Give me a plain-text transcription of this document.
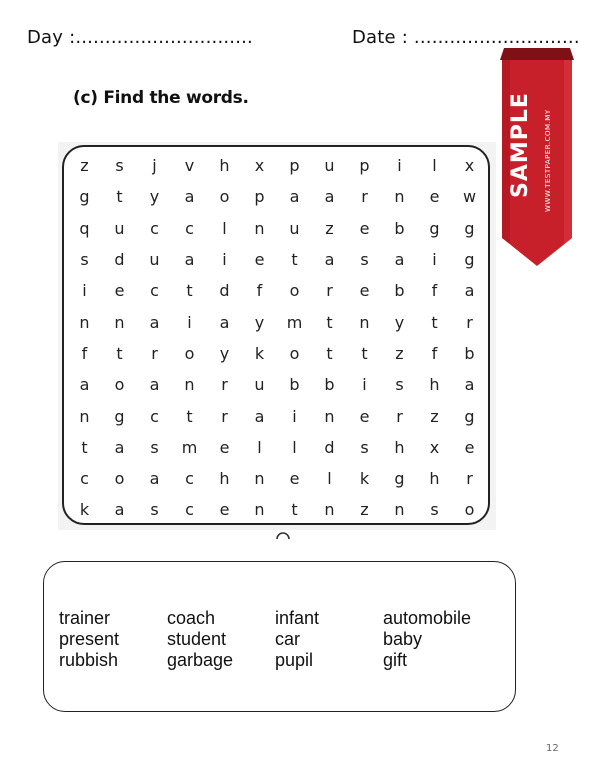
Day :..............................	Date : ............................
(c) Find the words.
z	s	j	v	h	x	p	u	p	i	l	x
g	t	y	a	o	p	a	a	r	n	e	w
q	u	c	c	l	n	u	z	e	b	g	g
s	d	u	a	i	e	t	a	s	a	i	g
i	e	c	t	d	f	o	r	e	b	f	a
n	n	a	i	a	y	m	t	n	y	t	r
f	t	r	o	y	k	o	t	t	z	f	b
a	o	a	n	r	u	b	b	i	s	h	a
n	g	c	t	r	a	i	n	e	r	z	g
t	a	s	m	e	l	l	d	s	h	x	e
c	o	a	c	h	n	e	l	k	g	h	r
k	a	s	c	e	n	t	n	z	n	s	o
SAMPLE WWW.TESTPAPER.COM.MY
trainer	coach	infant	automobile
present	student	car	baby
rubbish	garbage	pupil	gift
12
